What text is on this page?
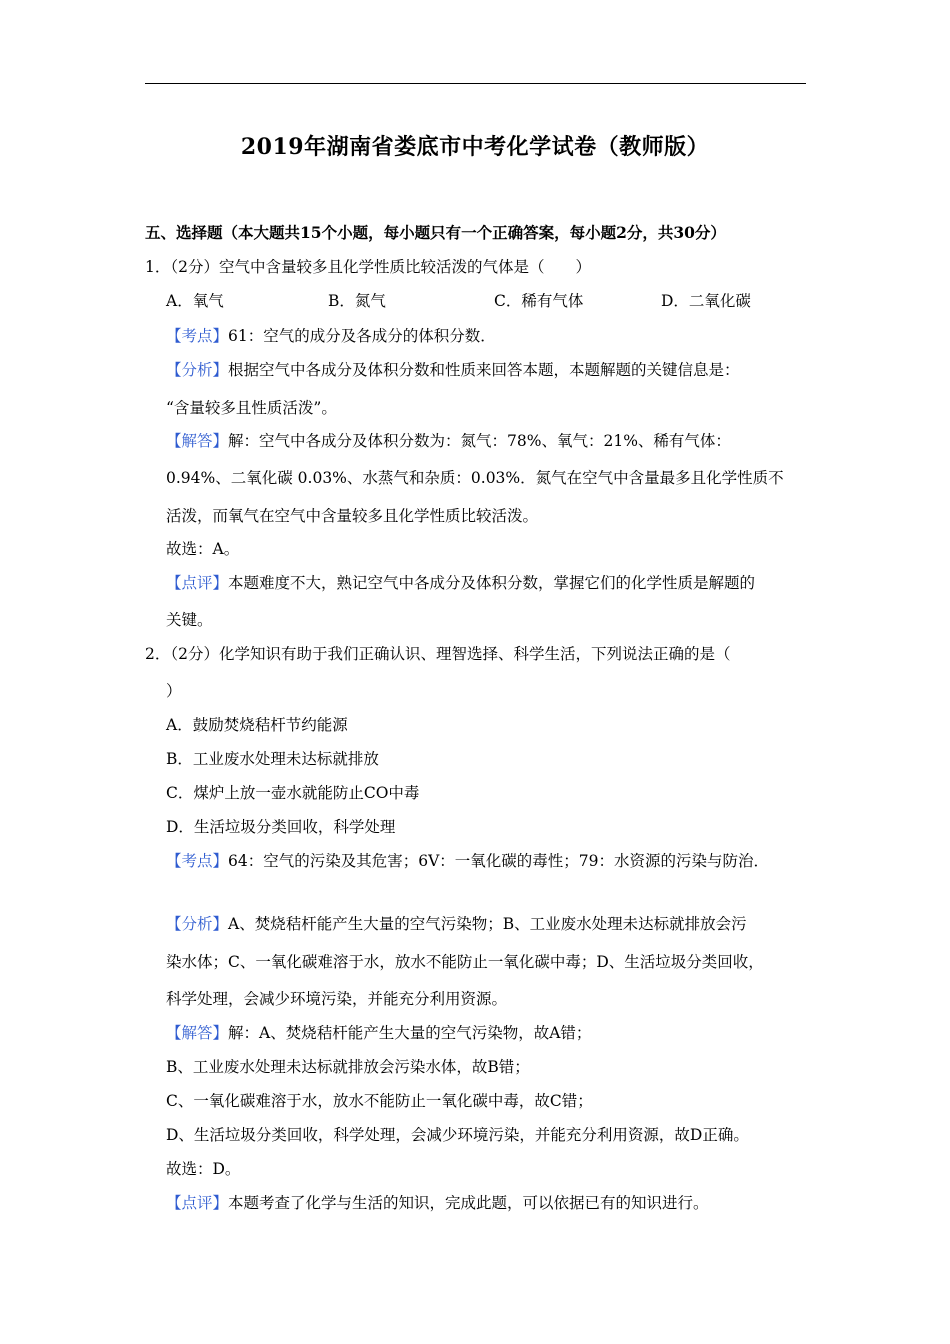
2019年湖南省娄底市中考化学试卷（教师版）
五、选择题（本大题共15个小题，每小题只有一个正确答案，每小题2分，共30分）
1．（2分）空气中含量较多且化学性质比较活泼的气体是（　　）
A．氧气	B．氮气	C．稀有气体	D．二氧化碳
【考点】61：空气的成分及各成分的体积分数．
【分析】根据空气中各成分及体积分数和性质来回答本题，本题解题的关键信息是：
“含量较多且性质活泼”。
【解答】解：空气中各成分及体积分数为：氮气：78%、氧气：21%、稀有气体：
0.94%、二氧化碳 0.03%、水蒸气和杂质：0.03%．氮气在空气中含量最多且化学性质不
活泼，而氧气在空气中含量较多且化学性质比较活泼。
故选：A。
【点评】本题难度不大，熟记空气中各成分及体积分数，掌握它们的化学性质是解题的
关键。
2．（2分）化学知识有助于我们正确认识、理智选择、科学生活，下列说法正确的是（
）
A．鼓励焚烧秸杆节约能源
B．工业废水处理未达标就排放
C．煤炉上放一壶水就能防止CO中毒
D．生活垃圾分类回收，科学处理
【考点】64：空气的污染及其危害；6V：一氧化碳的毒性；79：水资源的污染与防治．
【分析】A、焚烧秸杆能产生大量的空气污染物；B、工业废水处理未达标就排放会污
染水体；C、一氧化碳难溶于水，放水不能防止一氧化碳中毒；D、生活垃圾分类回收，
科学处理，会减少环境污染，并能充分利用资源。
【解答】解：A、焚烧秸杆能产生大量的空气污染物，故A错；
B、工业废水处理未达标就排放会污染水体，故B错；
C、一氧化碳难溶于水，放水不能防止一氧化碳中毒，故C错；
D、生活垃圾分类回收，科学处理，会减少环境污染，并能充分利用资源，故D正确。
故选：D。
【点评】本题考查了化学与生活的知识，完成此题，可以依据已有的知识进行。
